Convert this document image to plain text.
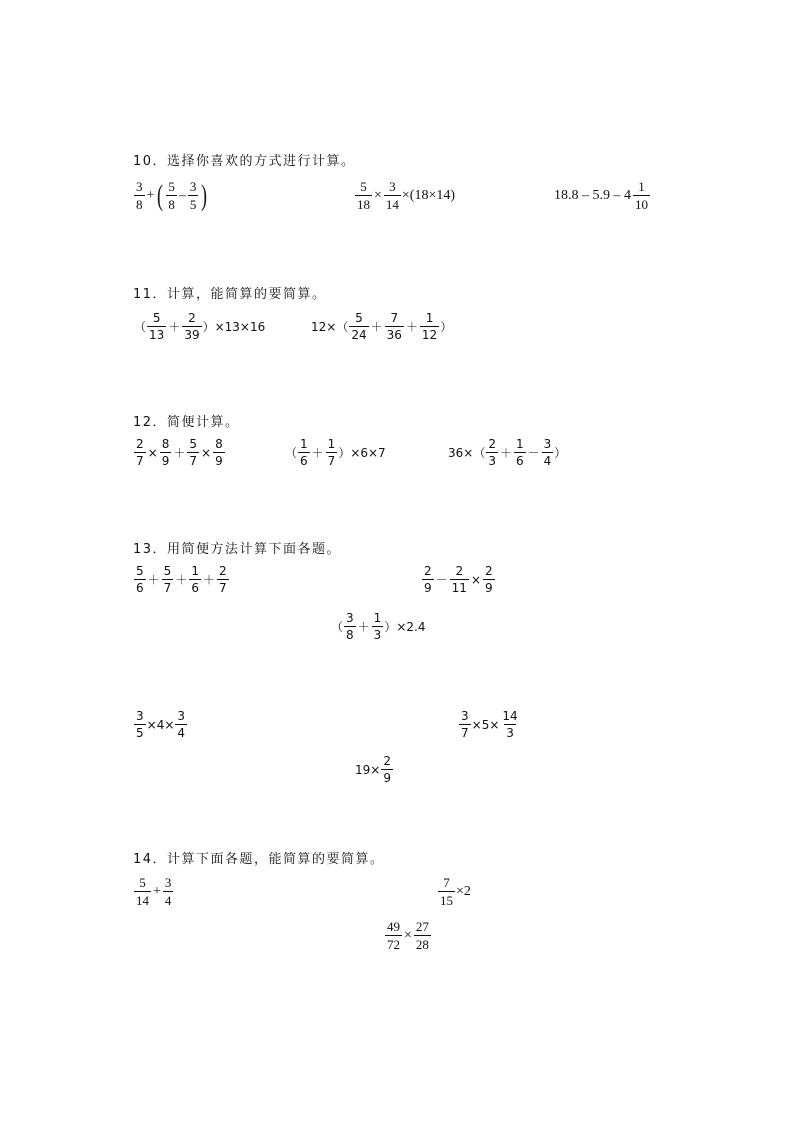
10．选择你喜欢的方式进行计算。
$\frac{3}{8}$ + ( $\frac{5}{8} - \frac{3}{5}$ )	$\frac{5}{18} \times \frac{3}{14} \times(18\times 14)$	$18.8 - 5.9 - 4 \frac{1}{10}$
11．计算，能简算的要简算。
（ $\frac{5}{13} + \frac{2}{39} )\times 13\times 16$	$12\times( \frac{5}{24} + \frac{7}{36} + \frac{1}{12}$ ）
12．简便计算。
$\frac{2}{7} \times \frac{8}{9} + \frac{5}{7} \times \frac{8}{9}$	（ $\frac{1}{6} + \frac{1}{7} )\times 6\times 7$	$36\times( \frac{2}{3} + \frac{1}{6} - \frac{3}{4}$ ）
13．用简便方法计算下面各题。
$\frac{5}{6} + \frac{5}{7} + \frac{1}{6} + \frac{2}{7}$	$\frac{2}{9} - \frac{2}{11} \times \frac{2}{9}$
（ $\frac{3}{8} + \frac{1}{3} )\times 2.4$
$\frac{3}{5} \times 4\times \frac{3}{4}$	$\frac{3}{7} \times 5\times \frac{14}{3}$
$19\times \frac{2}{9}$
14．计算下面各题，能简算的要简算。
$\frac{5}{14} + \frac{3}{4}$	$\frac{7}{15} \times 2$
$\frac{49}{72} \times \frac{27}{28}$
